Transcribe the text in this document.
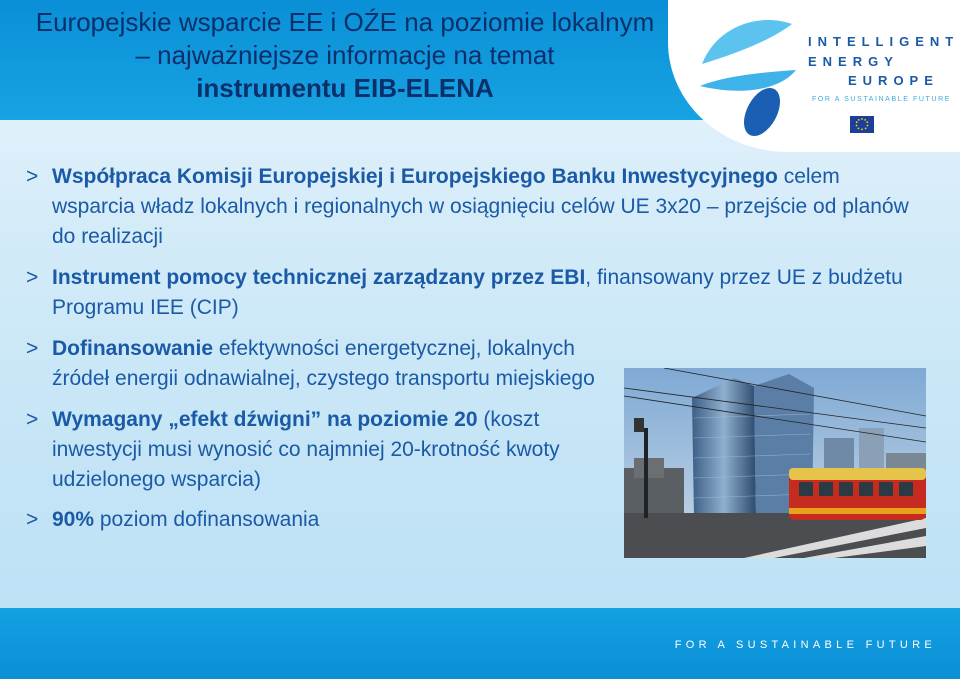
Europejskie wsparcie EE i OŹE na poziomie lokalnym
– najważniejsze informacje na temat
instrumentu EIB-ELENA
INTELLIGENT
ENERGY
EUROPE
FOR A SUSTAINABLE FUTURE
> Współpraca Komisji Europejskiej i Europejskiego Banku Inwestycyjnego celem wsparcia władz lokalnych i regionalnych w osiągnięciu celów UE 3x20 – przejście od planów do realizacji
> Instrument pomocy technicznej zarządzany przez EBI, finansowany przez UE z budżetu Programu IEE (CIP)
> Dofinansowanie efektywności energetycznej, lokalnych źródeł energii odnawialnej, czystego transportu miejskiego
> Wymagany „efekt dźwigni” na poziomie 20 (koszt inwestycji musi wynosić co najmniej 20-krotność kwoty udzielonego wsparcia)
> 90% poziom dofinansowania
FOR A SUSTAINABLE FUTURE
